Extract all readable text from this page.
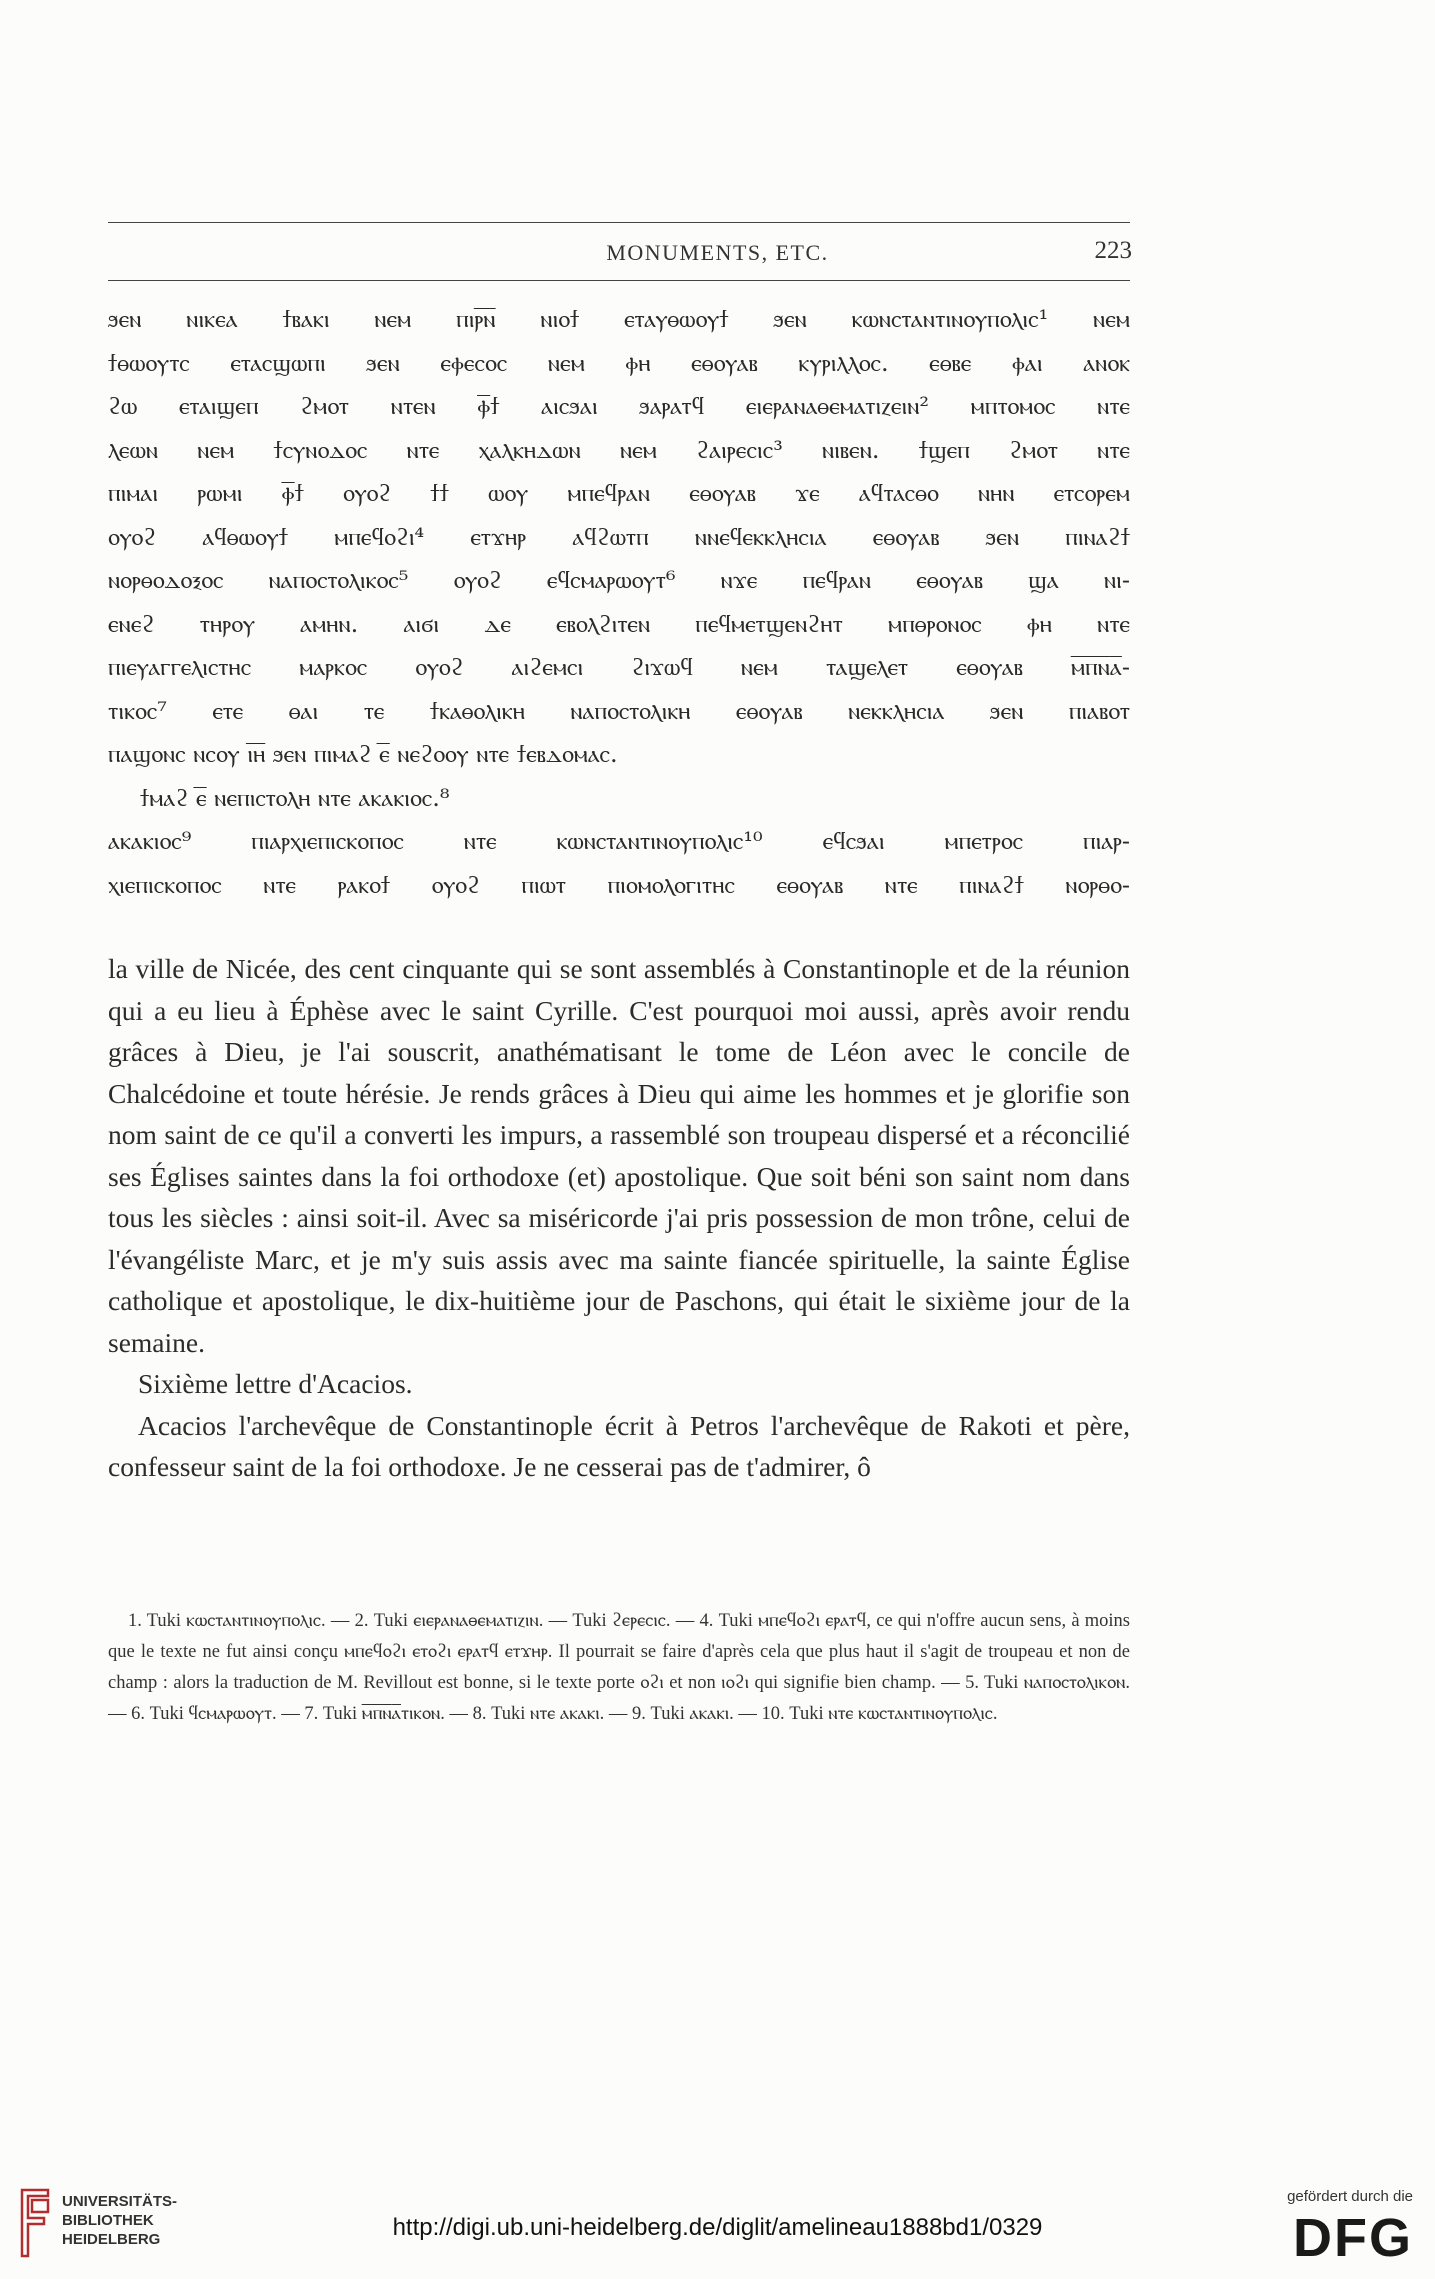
MONUMENTS, ETC.	223
ϧⲉⲛ ⲛⲓⲕⲉⲁ ϯⲃⲁⲕⲓ ⲛⲉⲙ ⲡⲓⲣ̅ⲛ̅ ⲛⲓⲟϯ ⲉⲧⲁⲩⲑⲱⲟⲩϯ ϧⲉⲛ ⲕⲱⲛⲥⲧⲁⲛⲧⲓⲛⲟⲩⲡⲟⲗⲓⲥ¹ ⲛⲉⲙ
ϯⲑⲱⲟⲩⲧⲥ ⲉⲧⲁⲥϣⲱⲡⲓ ϧⲉⲛ ⲉⲫⲉⲥⲟⲥ ⲛⲉⲙ ⲫⲏ ⲉⲑⲟⲩⲁⲃ ⲕⲩⲣⲓⲗⲗⲟⲥ. ⲉⲑⲃⲉ ⲫⲁⲓ ⲁⲛⲟⲕ
ϩⲱ ⲉⲧⲁⲓϣⲉⲡ ϩⲙⲟⲧ ⲛⲧⲉⲛ ⲫ̅ϯ ⲁⲓⲥϧⲁⲓ ϧⲁⲣⲁⲧϥ ⲉⲓⲉⲣⲁⲛⲁⲑⲉⲙⲁⲧⲓⲍⲉⲓⲛ² ⲙⲡⲧⲟⲙⲟⲥ ⲛⲧⲉ
ⲗⲉⲱⲛ ⲛⲉⲙ ϯⲥⲩⲛⲟⲇⲟⲥ ⲛⲧⲉ ⲭⲁⲗⲕⲏⲇⲱⲛ ⲛⲉⲙ ϩⲁⲓⲣⲉⲥⲓⲥ³ ⲛⲓⲃⲉⲛ. ϯϣⲉⲡ ϩⲙⲟⲧ ⲛⲧⲉ
ⲡⲓⲙⲁⲓ ⲣⲱⲙⲓ ⲫ̅ϯ ⲟⲩⲟϩ ϯϯ ⲱⲟⲩ ⲙⲡⲉϥⲣⲁⲛ ⲉⲑⲟⲩⲁⲃ ϫⲉ ⲁϥⲧⲁⲥⲑⲟ ⲛⲏⲛ ⲉⲧⲥⲟⲣⲉⲙ
ⲟⲩⲟϩ ⲁϥⲑⲱⲟⲩϯ ⲙⲡⲉϥⲟϩⲓ⁴ ⲉⲧϫⲏⲣ ⲁϥϩⲱⲧⲡ ⲛⲛⲉϥⲉⲕⲕⲗⲏⲥⲓⲁ ⲉⲑⲟⲩⲁⲃ ϧⲉⲛ ⲡⲓⲛⲁϩϯ
ⲛⲟⲣⲑⲟⲇⲟⲝⲟⲥ ⲛⲁⲡⲟⲥⲧⲟⲗⲓⲕⲟⲥ⁵ ⲟⲩⲟϩ ⲉϥⲥⲙⲁⲣⲱⲟⲩⲧ⁶ ⲛϫⲉ ⲡⲉϥⲣⲁⲛ ⲉⲑⲟⲩⲁⲃ ϣⲁ ⲛⲓ-
ⲉⲛⲉϩ ⲧⲏⲣⲟⲩ ⲁⲙⲏⲛ. ⲁⲓϭⲓ ⲇⲉ ⲉⲃⲟⲗϩⲓⲧⲉⲛ ⲡⲉϥⲙⲉⲧϣⲉⲛϩⲏⲧ ⲙⲡⲑⲣⲟⲛⲟⲥ ⲫⲏ ⲛⲧⲉ
ⲡⲓⲉⲩⲁⲅⲅⲉⲗⲓⲥⲧⲏⲥ ⲙⲁⲣⲕⲟⲥ ⲟⲩⲟϩ ⲁⲓϩⲉⲙⲥⲓ ϩⲓϫⲱϥ ⲛⲉⲙ ⲧⲁϣⲉⲗⲉⲧ ⲉⲑⲟⲩⲁⲃ ⲙ̅ⲡ̅ⲛ̅ⲁ̅-
ⲧⲓⲕⲟⲥ⁷ ⲉⲧⲉ ⲑⲁⲓ ⲧⲉ ϯⲕⲁⲑⲟⲗⲓⲕⲏ ⲛⲁⲡⲟⲥⲧⲟⲗⲓⲕⲏ ⲉⲑⲟⲩⲁⲃ ⲛⲉⲕⲕⲗⲏⲥⲓⲁ ϧⲉⲛ ⲡⲓⲁⲃⲟⲧ
ⲡⲁϣⲟⲛⲥ ⲛⲥⲟⲩ ⲓ̅ⲏ̅ ϧⲉⲛ ⲡⲓⲙⲁϩ ⲉ̅ ⲛⲉϩⲟⲟⲩ ⲛⲧⲉ ϯⲉⲃⲇⲟⲙⲁⲥ.
ϯⲙⲁϩ ⲉ̅ ⲛⲉⲡⲓⲥⲧⲟⲗⲏ ⲛⲧⲉ ⲁⲕⲁⲕⲓⲟⲥ.⁸
ⲁⲕⲁⲕⲓⲟⲥ⁹ ⲡⲓⲁⲣⲭⲓⲉⲡⲓⲥⲕⲟⲡⲟⲥ ⲛⲧⲉ ⲕⲱⲛⲥⲧⲁⲛⲧⲓⲛⲟⲩⲡⲟⲗⲓⲥ¹⁰ ⲉϥⲥϧⲁⲓ ⲙⲡⲉⲧⲣⲟⲥ ⲡⲓⲁⲣ-
ⲭⲓⲉⲡⲓⲥⲕⲟⲡⲟⲥ ⲛⲧⲉ ⲣⲁⲕⲟϯ ⲟⲩⲟϩ ⲡⲓⲱⲧ ⲡⲓⲟⲙⲟⲗⲟⲅⲓⲧⲏⲥ ⲉⲑⲟⲩⲁⲃ ⲛⲧⲉ ⲡⲓⲛⲁϩϯ ⲛⲟⲣⲑⲟ-

la ville de Nicée, des cent cinquante qui se sont assemblés à Constantinople et de la réunion qui a eu lieu à Éphèse avec le saint Cyrille. C'est pourquoi moi aussi, après avoir rendu grâces à Dieu, je l'ai souscrit, anathématisant le tome de Léon avec le concile de Chalcédoine et toute hérésie. Je rends grâces à Dieu qui aime les hommes et je glorifie son nom saint de ce qu'il a converti les impurs, a rassemblé son troupeau dispersé et a réconcilié ses Églises saintes dans la foi orthodoxe (et) apostolique. Que soit béni son saint nom dans tous les siècles : ainsi soit-il. Avec sa miséricorde j'ai pris possession de mon trône, celui de l'évangéliste Marc, et je m'y suis assis avec ma sainte fiancée spirituelle, la sainte Église catholique et apostolique, le dix-huitième jour de Paschons, qui était le sixième jour de la semaine.

Sixième lettre d'Acacios.

Acacios l'archevêque de Constantinople écrit à Petros l'archevêque de Rakoti et père, confesseur saint de la foi orthodoxe. Je ne cesserai pas de t'admirer, ô

1. Tuki ⲕⲱⲥⲧⲁⲛⲧⲓⲛⲟⲩⲡⲟⲗⲓⲥ. — 2. Tuki ⲉⲓⲉⲣⲁⲛⲁⲑⲉⲙⲁⲧⲓⲍⲓⲛ. — Tuki ϩⲉⲣⲉⲥⲓⲥ. — 4. Tuki ⲙⲡⲉϥⲟϩⲓ ⲉⲣⲁⲧϥ, ce qui n'offre aucun sens, à moins que le texte ne fut ainsi conçu ⲙⲡⲉϥⲟϩⲓ ⲉⲧⲟϩⲓ ⲉⲣⲁⲧϥ ⲉⲧϫⲏⲣ. Il pourrait se faire d'après cela que plus haut il s'agit de troupeau et non de champ : alors la traduction de M. Revillout est bonne, si le texte porte ⲟϩⲓ et non ⲓⲟϩⲓ qui signifie bien champ. — 5. Tuki ⲛⲁⲡⲟⲥⲧⲟⲗⲓⲕⲟⲛ. — 6. Tuki ϥⲥⲙⲁⲣⲱⲟⲩⲧ. — 7. Tuki ⲙ̅ⲡ̅ⲛ̅ⲁ̅ⲧⲓⲕⲟⲛ. — 8. Tuki ⲛⲧⲉ ⲁⲕⲁⲕⲓ. — 9. Tuki ⲁⲕⲁⲕⲓ. — 10. Tuki ⲛⲧⲉ ⲕⲱⲥⲧⲁⲛⲧⲓⲛⲟⲩⲡⲟⲗⲓⲥ.
UNIVERSITÄTS-
BIBLIOTHEK
HEIDELBERG	http://digi.ub.uni-heidelberg.de/diglit/amelineau1888bd1/0329
gefördert durch die
DFG
